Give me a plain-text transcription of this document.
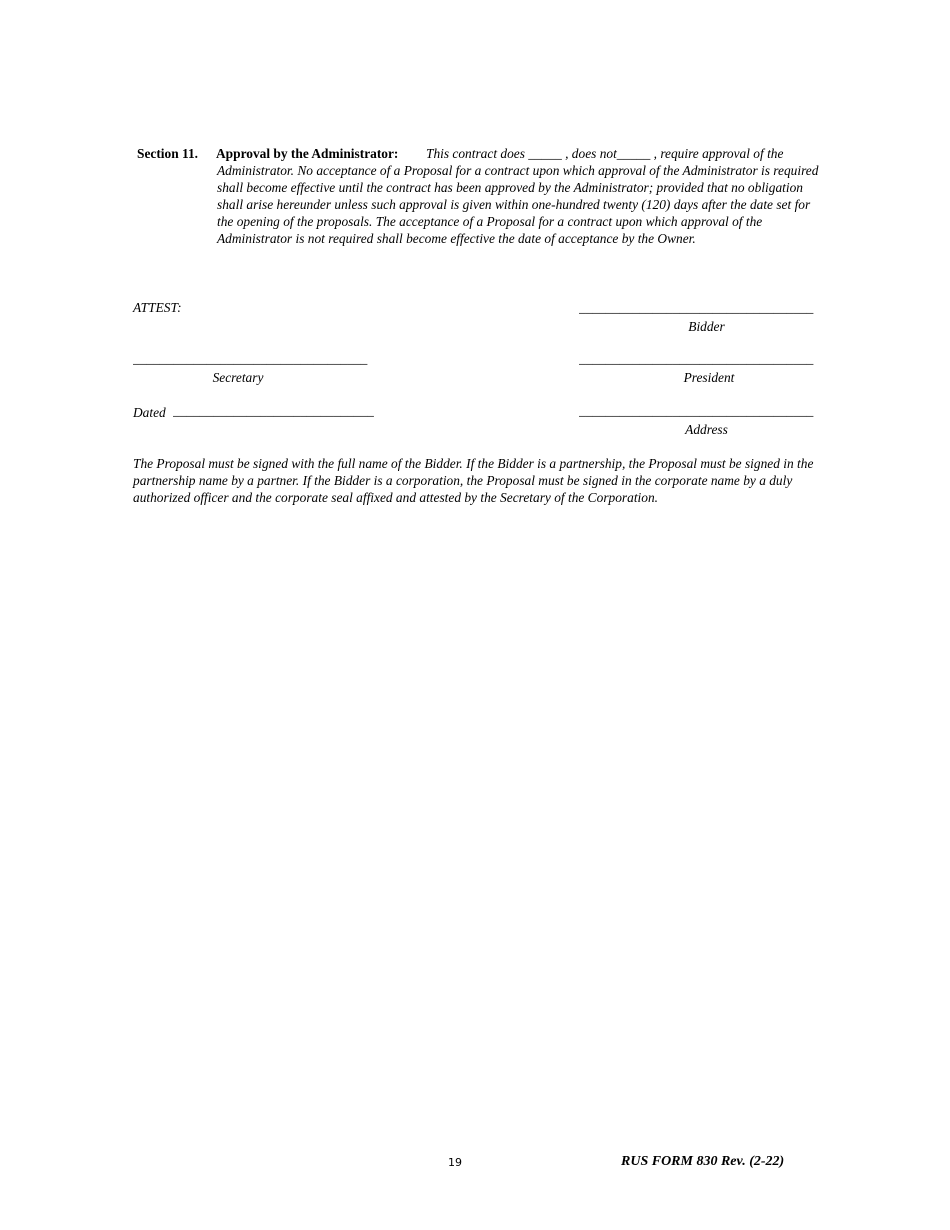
Section 11. Approval by the Administrator:	This contract does _____ , does not_____ , require approval of the Administrator. No acceptance of a Proposal for a contract upon which approval of the Administrator is required shall become effective until the contract has been approved by the Administrator; provided that no obligation shall arise hereunder unless such approval is given within one-hundred twenty (120) days after the date set for the opening of the proposals. The acceptance of a Proposal for a contract upon which approval of the Administrator is not required shall become effective the date of acceptance by the Owner.
ATTEST:	___________________________________
Bidder
___________________________________
Secretary
___________________________________
President
Dated ______________________________	___________________________________
Address
The Proposal must be signed with the full name of the Bidder. If the Bidder is a partnership, the Proposal must be signed in the partnership name by a partner. If the Bidder is a corporation, the Proposal must be signed in the corporate name by a duly authorized officer and the corporate seal affixed and attested by the Secretary of the Corporation.
19	RUS FORM 830 Rev. (2-22)
